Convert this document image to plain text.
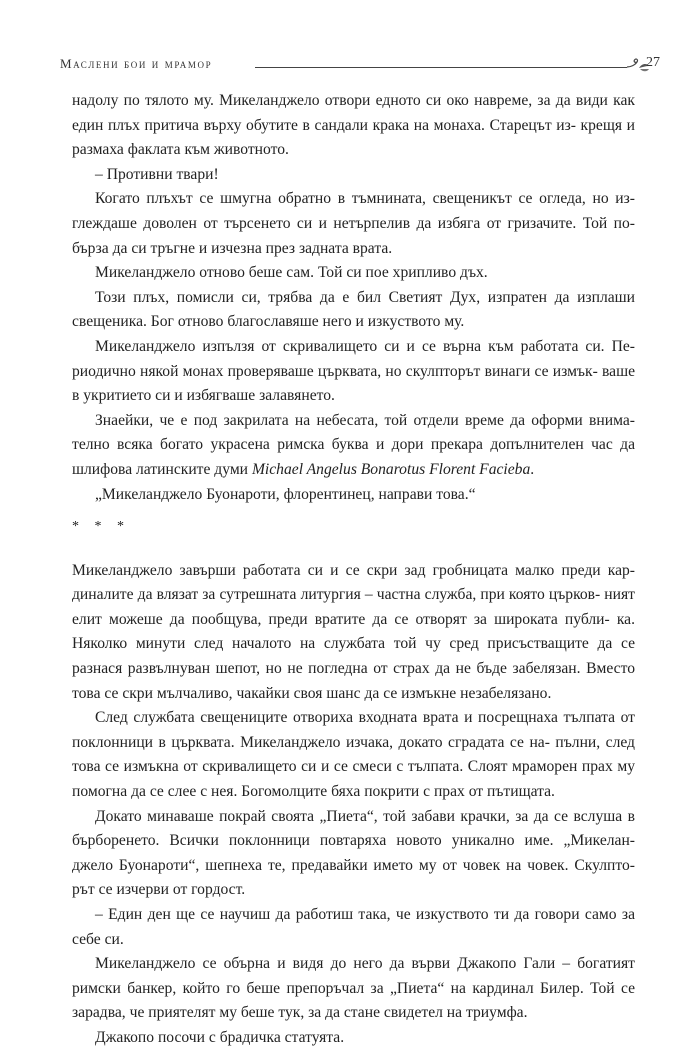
Маслени бои и мрамор	27

надолу по тялото му. Микеланджело отвори едното си око навреме, за да види как един плъх притича върху обутите в сандали крака на монаха. Старецът из- крещя и размаха факлата към животното.

– Противни твари!

Когато плъхът се шмугна обратно в тъмнината, свещеникът се огледа, но из- глеждаше доволен от търсенето си и нетърпелив да избяга от гризачите. Той по- бърза да си тръгне и изчезна през задната врата.

Микеланджело отново беше сам. Той си пое хрипливо дъх.

Този плъх, помисли си, трябва да е бил Светият Дух, изпратен да изплаши свещеника. Бог отново благославяше него и изкуството му.

Микеланджело изпълзя от скривалището си и се върна към работата си. Пе- риодично някой монах проверяваше църквата, но скулпторът винаги се измък- ваше в укритието си и избягваше залавянето.

Знаейки, че е под закрилата на небесата, той отдели време да оформи внима- телно всяка богато украсена римска буква и дори прекара допълнителен час да шлифова латинските думи Michael Angelus Bonarotus Florent Facieba.

„Микеланджело Буонароти, флорентинец, направи това.“

* * *

Микеланджело завърши работата си и се скри зад гробницата малко преди кар- диналите да влязат за сутрешната литургия – частна служба, при която църков- ният елит можеше да пообщува, преди вратите да се отворят за широката публи- ка. Няколко минути след началото на службата той чу сред присъстващите да се разнася развълнуван шепот, но не погледна от страх да не бъде забелязан. Вместо това се скри мълчаливо, чакайки своя шанс да се измъкне незабелязано.

След службата свещениците отвориха входната врата и посрещнаха тълпата от поклонници в църквата. Микеланджело изчака, докато сградата се на- пълни, след това се измъкна от скривалището си и се смеси с тълпата. Слоят мраморен прах му помогна да се слее с нея. Богомолците бяха покрити с прах от пътищата.

Докато минаваше покрай своята „Пиета“, той забави крачки, за да се вслуша в бърборенето. Всички поклонници повтаряха новото уникално име. „Микелан- джело Буонароти“, шепнеха те, предавайки името му от човек на човек. Скулпто- рът се изчерви от гордост.

– Един ден ще се научиш да работиш така, че изкуството ти да говори само за себе си.

Микеланджело се обърна и видя до него да върви Джакопо Гали – богатият римски банкер, който го беше препоръчал за „Пиета“ на кардинал Билер. Той се зарадва, че приятелят му беше тук, за да стане свидетел на триумфа.

Джакопо посочи с брадичка статуята.
